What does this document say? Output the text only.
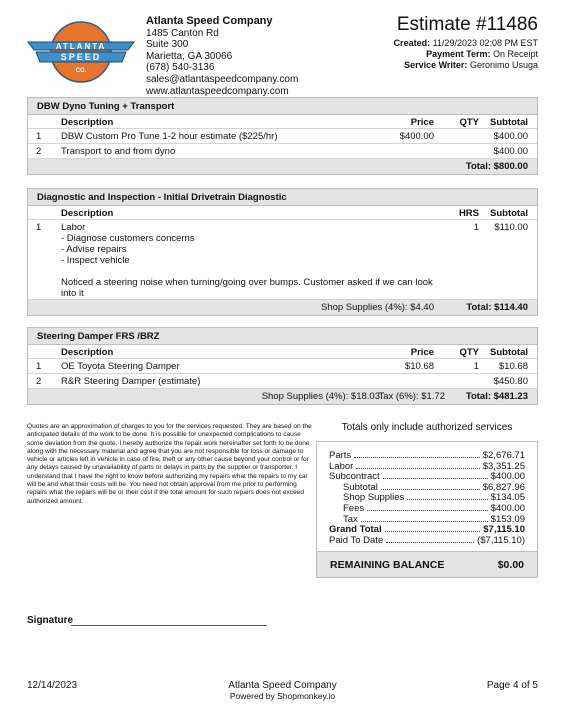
ATLANTA
SPEED
CO.
Atlanta Speed Company
1485 Canton Rd
Suite 300
Marietta, GA 30066
(678) 540-3136
sales@atlantaspeedcompany.com
www.atlantaspeedcompany.com
Estimate #11486
Created: 11/29/2023 02:08 PM EST
Payment Term: On Receipt
Service Writer: Geronimo Usuga
DBW Dyno Tuning + Transport
Description	Price	QTY Subtotal
1 DBW Custom Pro Tune 1-2 hour estimate ($225/hr)	$400.00	$400.00
2 Transport to and from dyno	$400.00
Total: $800.00
Diagnostic and Inspection - Initial Drivetrain Diagnostic
Description	HRS Subtotal
1 Labor
- Diagnose customers concerns
- Advise repairs
- Inspect vehicle
Noticed a steering noise when turning/going over bumps. Customer asked if we can look
into it
1 $110.00
Shop Supplies (4%): $4.40	Total: $114.40
Steering Damper FRS /BRZ
Description	Price	QTY Subtotal
1 OE Toyota Steering Damper	$10.68	1 $10.68
2 R&R Steering Damper (estimate)	$450.80
Shop Supplies (4%): $18.03
Tax (6%): $1.72 Total: $481.23
Quotes are an approximation of charges to you for the services requested. They are based on the anticipated details of the work to be done. It is possible for unexpected complications to cause some deviation from the quote. I hereby authorize the repair work hereinafter set forth to be done along with the necessary material and agree that you are not responsible for loss or damage to vehicle or articles left in vehicle in case of fire, theft or any other cause beyond your control or for any delays caused by unavailability of parts or delays in parts by the supplier or transporter. I understand that I have the right to know before authorizing my repairs what the repairs to my car will be and what their costs will be. You need not obtain approval from me prior to performing repairs what the repairs will be or their cost if the total amount for such repairs does not exceed authorized amount.
Totals only include authorized services
Parts	$2,676.71
Labor	$3,351.25
Subcontract	$400.00
Subtotal	$6,827.96
Shop Supplies	$134.05
Fees	$400.00
Tax	$153.09
Grand Total	$7,115.10
Paid To Date	($7,115.10)
REMAINING BALANCE	$0.00
Signature
12/14/2023	Atlanta Speed Company
Powered by Shopmonkey.io
Page 4 of 5
